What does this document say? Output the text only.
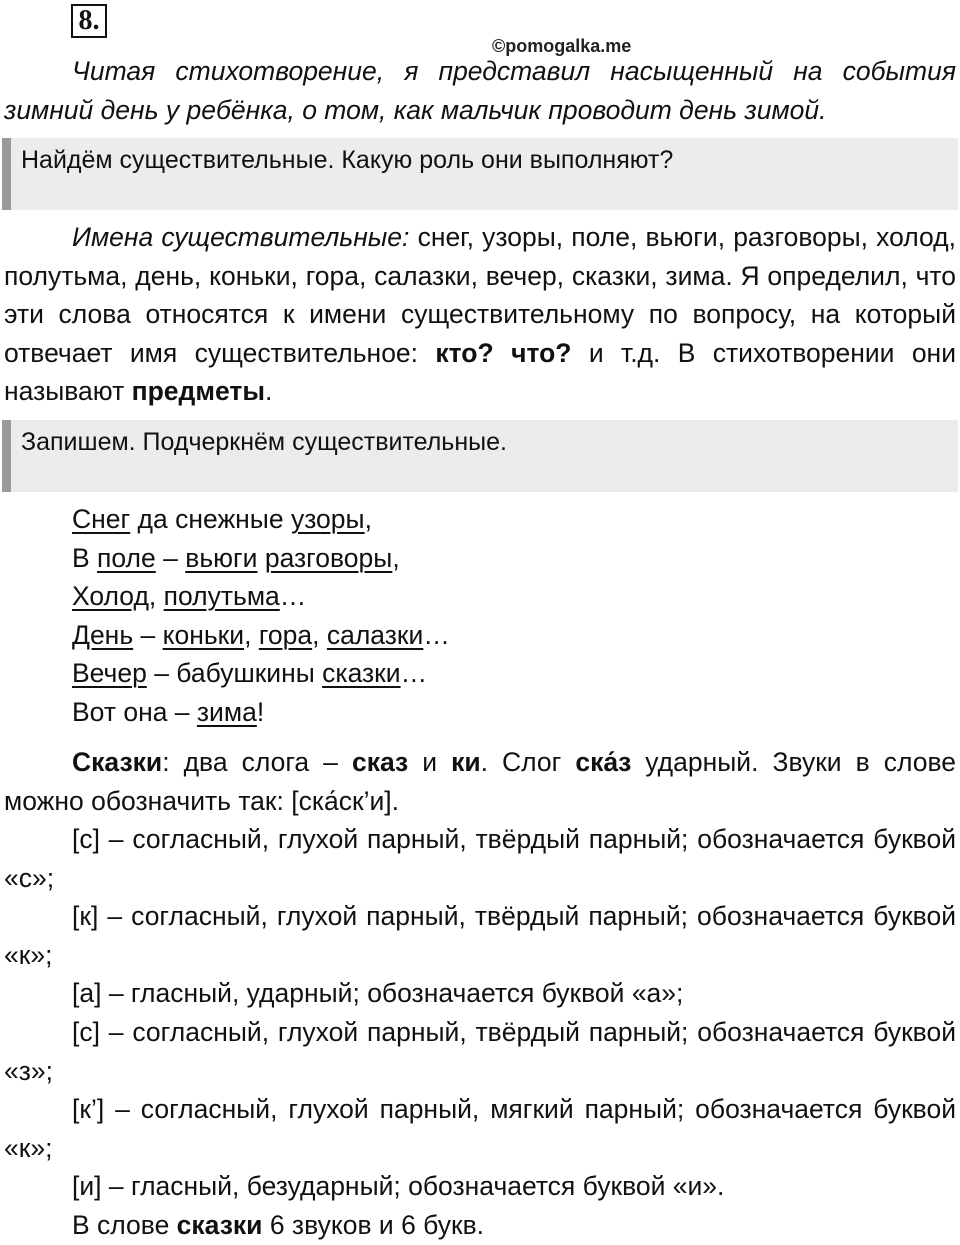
8.
©pomogalka.me

Читая стихотворение, я представил насыщенный на события зимний день у ребёнка, о том, как мальчик проводит день зимой.

Найдём существительные. Какую роль они выполняют?

Имена существительные: снег, узоры, поле, вьюги, разговоры, холод, полутьма, день, коньки, гора, салазки, вечер, сказки, зима. Я определил, что эти слова относятся к имени существительному по вопросу, на который отвечает имя существительное: кто? что? и т.д. В стихотворении они называют предметы.

Запишем. Подчеркнём существительные.
Снег да снежные узоры,
В поле – вьюги разговоры,
Холод, полутьма…
День – коньки, гора, салазки…
Вечер – бабушкины сказки…
Вот она – зима!

Сказки: два слога – сказ и ки. Слог ска́з ударный. Звуки в слове можно обозначить так: [ска́ск’и].

[с] – согласный, глухой парный, твёрдый парный; обозначается буквой «с»;

[к] – согласный, глухой парный, твёрдый парный; обозначается буквой «к»;

[а] – гласный, ударный; обозначается буквой «а»;

[с] – согласный, глухой парный, твёрдый парный; обозначается буквой «з»;

[к’] – согласный, глухой парный, мягкий парный; обозначается буквой «к»;

[и] – гласный, безударный; обозначается буквой «и».

В слове сказки 6 звуков и 6 букв.
